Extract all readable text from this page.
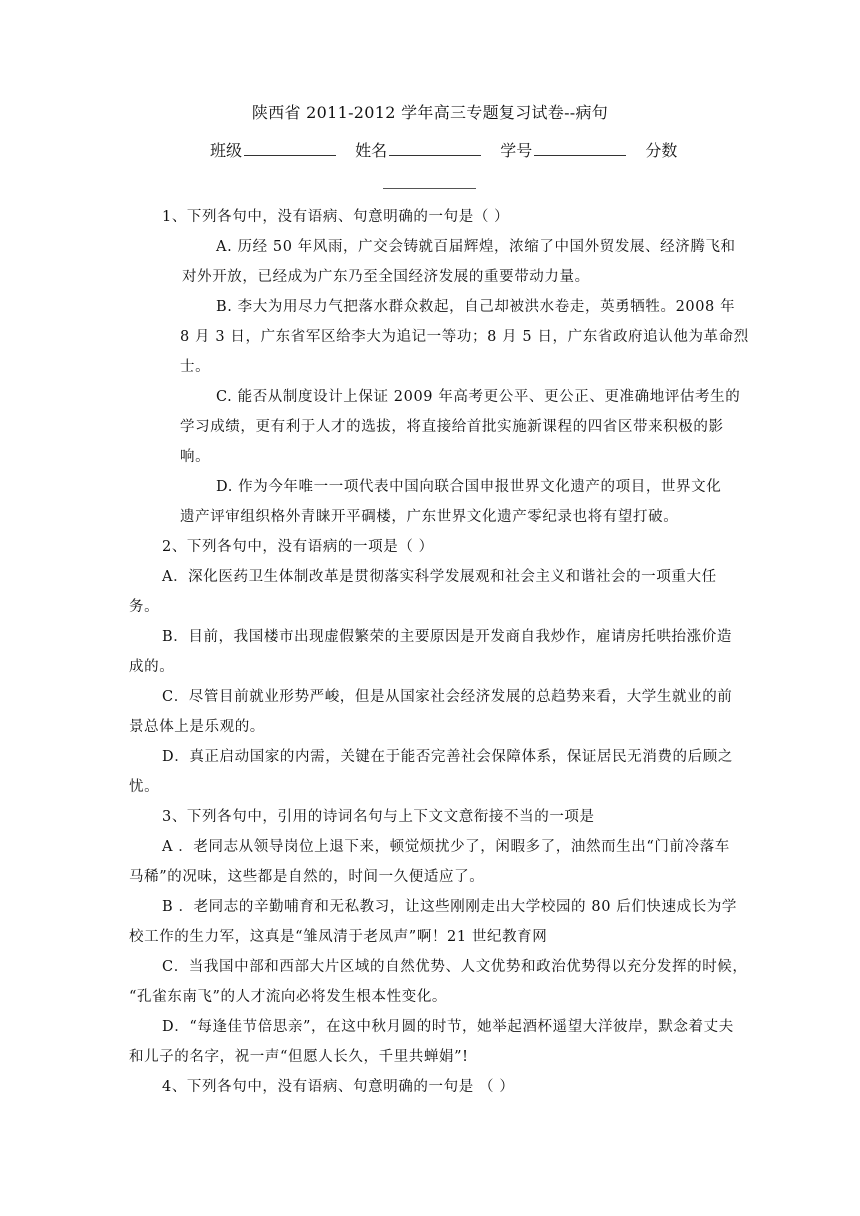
陕西省 2011-2012 学年高三专题复习试卷--病句
班级	姓名	学号	分数
1、下列各句中，没有语病、句意明确的一句是（ ）
A. 历经 50 年风雨，广交会铸就百届辉煌，浓缩了中国外贸发展、经济腾飞和
对外开放，已经成为广东乃至全国经济发展的重要带动力量。
B. 李大为用尽力气把落水群众救起，自己却被洪水卷走，英勇牺牲。2008 年
8 月 3 日，广东省军区给李大为追记一等功；8 月 5 日，广东省政府追认他为革命烈
士。
C. 能否从制度设计上保证 2009 年高考更公平、更公正、更准确地评估考生的
学习成绩，更有利于人才的选拔，将直接给首批实施新课程的四省区带来积极的影
响。
D. 作为今年唯一一项代表中国向联合国申报世界文化遗产的项目，世界文化
遗产评审组织格外青睐开平碉楼，广东世界文化遗产零纪录也将有望打破。
2、下列各句中，没有语病的一项是（ ）
A．深化医药卫生体制改革是贯彻落实科学发展观和社会主义和谐社会的一项重大任
务。
B．目前，我国楼市出现虚假繁荣的主要原因是开发商自我炒作，雇请房托哄抬涨价造
成的。
C．尽管目前就业形势严峻，但是从国家社会经济发展的总趋势来看，大学生就业的前
景总体上是乐观的。
D．真正启动国家的内需，关键在于能否完善社会保障体系，保证居民无消费的后顾之
忧。
3、下列各句中，引用的诗词名句与上下文文意衔接不当的一项是
A ．老同志从领导岗位上退下来，顿觉烦扰少了，闲暇多了，油然而生出“门前冷落车
马稀”的况味，这些都是自然的，时间一久便适应了。
B ．老同志的辛勤哺育和无私教习，让这些刚刚走出大学校园的 80 后们快速成长为学
校工作的生力军，这真是“雏凤清于老凤声”啊！21 世纪教育网
C．当我国中部和西部大片区域的自然优势、人文优势和政治优势得以充分发挥的时候，
“孔雀东南飞”的人才流向必将发生根本性变化。
D．“每逢佳节倍思亲”，在这中秋月圆的时节，她举起酒杯遥望大洋彼岸，默念着丈夫
和儿子的名字，祝一声“但愿人长久，千里共蝉娟”!
4、下列各句中，没有语病、句意明确的一句是 （ ）
